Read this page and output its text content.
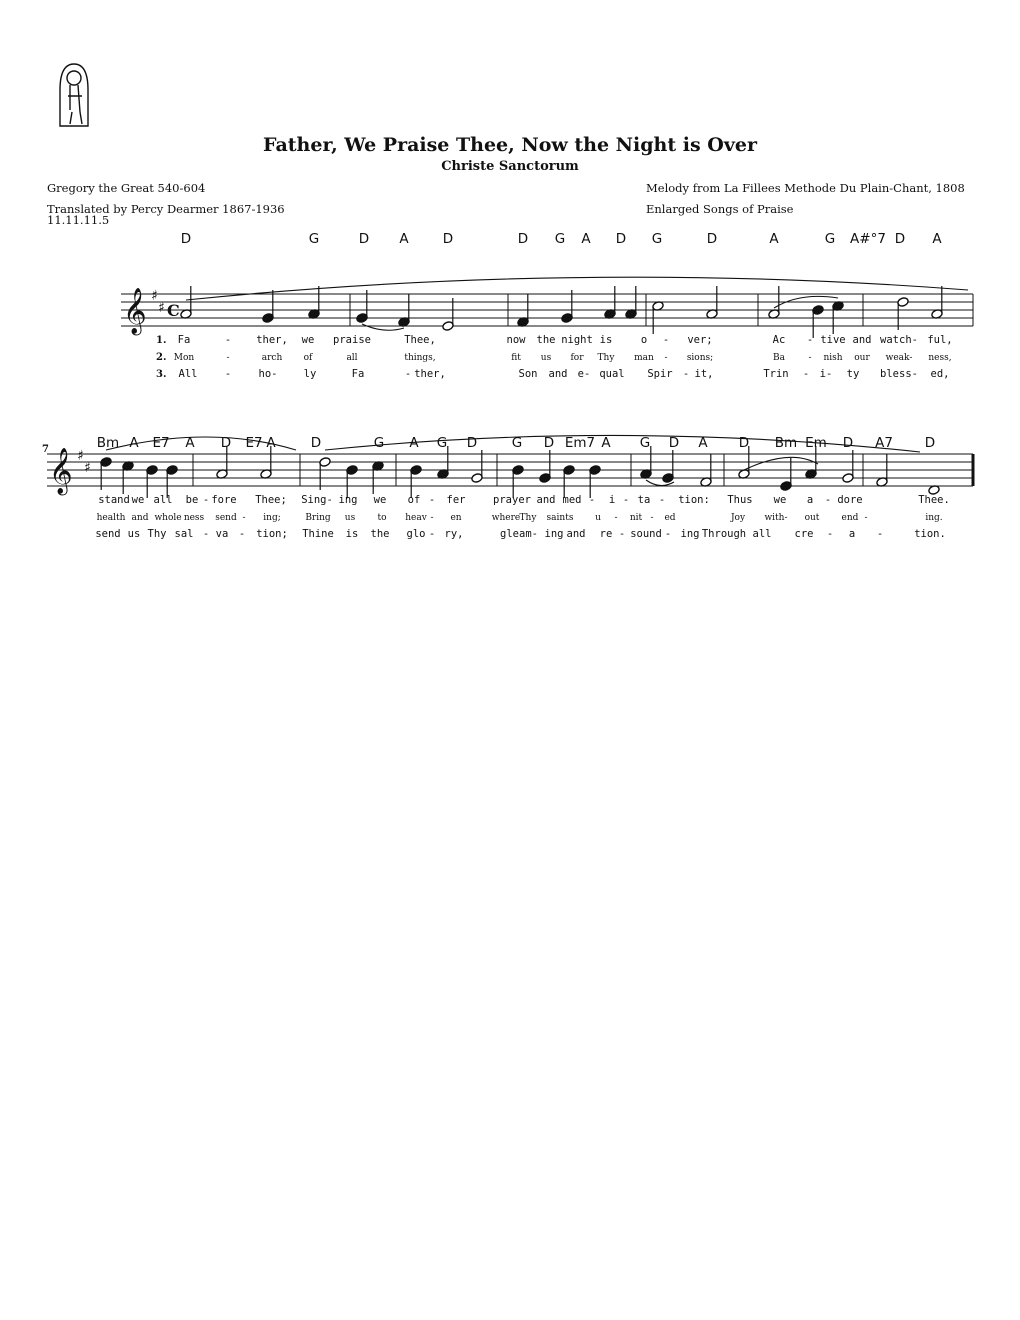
Father, We Praise Thee, Now the Night is Over
Christe Sanctorum
Gregory the Great 540-604
Translated by Percy Dearmer 1867-1936
11.11.11.5
Melody from La Fillees Methode Du Plain-Chant, 1808
Enlarged Songs of Praise
𝄞 ♯
♯ C
𝄞 ♯
♯
7
D	G	D A	D	D G A D G	D	A	G A#°7 D A
Bm A E7 A D E7 A	D	G A G D	G D Em7 A G D A D Bm Em D A7 D
1.
2.
3.
Fa	- ther, we praise	Thee,	now the night is	o - ver;	Ac - tive and watch- ful,
Mon	-	arch of	all	things,	fit us for Thy man - sions;	Ba	- nish our weak- ness,
All	-	ho- ly	Fa	- ther,	Son and e- qual Spir - it,	Trin - i- ty bless- ed,
stand we all be - fore Thee; Sing- ing we of - fer	prayer and med - i - ta - tion: Thus we a - dore	Thee.
health and whole ness send - ing;	Bring us to heav - en	where Thy saints u - nit - ed	Joy with- out end -	ing.
send us Thy sal - va - tion; Thine is the glo - ry,	gleam- ing and re - sound - ing Through all cre - a -	tion.
